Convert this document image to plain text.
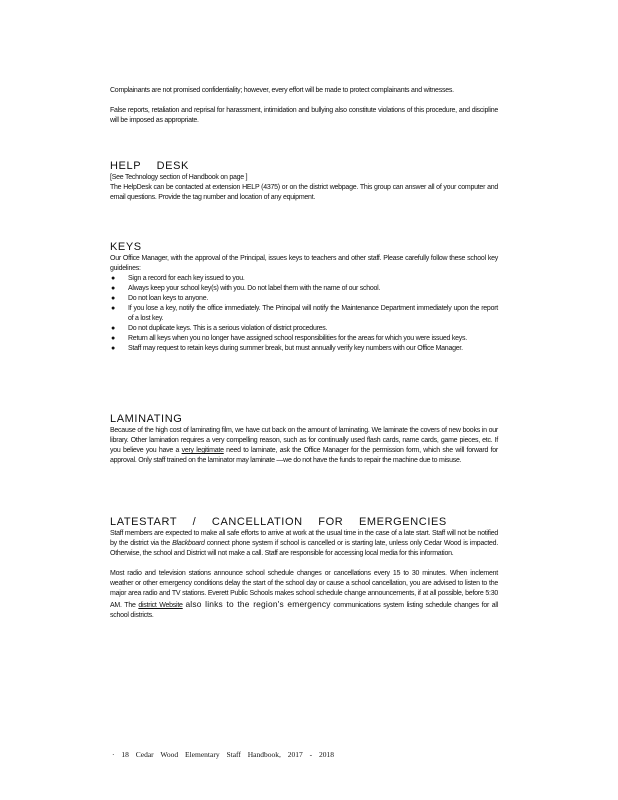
Complainants are not promised confidentiality; however, every effort will be made to protect complainants and witnesses.

False reports, retaliation and reprisal for harassment, intimidation and bullying also constitute violations of this procedure, and discipline will be imposed as appropriate.

HELP DESK

[See Technology section of Handbook on page ]

The HelpDesk can be contacted at extension HELP (4375) or on the district webpage. This group can answer all of your computer and email questions. Provide the tag number and location of any equipment.

KEYS

Our Office Manager, with the approval of the Principal, issues keys to teachers and other staff. Please carefully follow these school key guidelines:

● Sign a record for each key issued to you.
● Always keep your school key(s) with you. Do not label them with the name of our school.
● Do not loan keys to anyone.
● If you lose a key, notify the office immediately. The Principal will notify the Maintenance Department immediately upon the report of a lost key.
● Do not duplicate keys. This is a serious violation of district procedures.
● Return all keys when you no longer have assigned school responsibilities for the areas for which you were issued keys.
● Staff may request to retain keys during summer break, but must annually verify key numbers with our Office Manager.
LAMINATING

Because of the high cost of laminating film, we have cut back on the amount of laminating. We laminate the covers of new books in our library. Other lamination requires a very compelling reason, such as for continually used flash cards, name cards, game pieces, etc. If you believe you have a very legitimate need to laminate, ask the Office Manager for the permission form, which she will forward for approval. Only staff trained on the laminator may laminate —we do not have the funds to repair the machine due to misuse.

LATESTART / CANCELLATION FOR EMERGENCIES

Staff members are expected to make all safe efforts to arrive at work at the usual time in the case of a late start. Staff will not be notified by the district via the Blackboard connect phone system if school is cancelled or is starting late, unless only Cedar Wood is impacted. Otherwise, the school and District will not make a call. Staff are responsible for accessing local media for this information.

Most radio and television stations announce school schedule changes or cancellations every 15 to 30 minutes. When inclement weather or other emergency conditions delay the start of the school day or cause a school cancellation, you are advised to listen to the major area radio and TV stations. Everett Public Schools makes school schedule change announcements, if at all possible, before 5:30 AM. The district Website also links to the region's emergency communications system listing schedule changes for all school districts.

· 18 Cedar Wood Elementary Staff Handbook, 2017 - 2018
